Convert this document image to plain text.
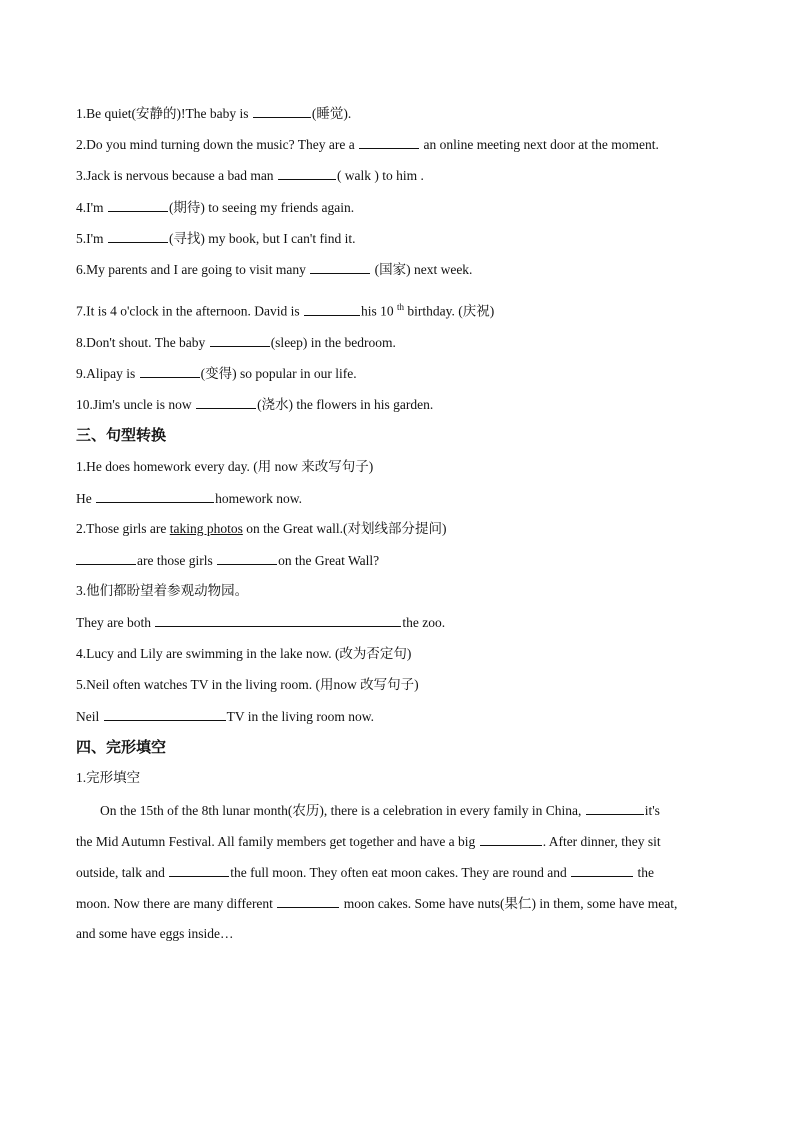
1.Be quiet(安静的)!The baby is	(睡觉).
2.Do you mind turning down the music? They are a	an online meeting next door at the moment.
3.Jack is nervous because a bad man	( walk ) to him .
4.I'm	(期待) to seeing my friends again.
5.I'm	(寻找) my book, but I can't find it.
6.My parents and I are going to visit many	(国家) next week.
7.It is 4 o'clock in the afternoon. David is	his 10 $^{th}$ birthday. (庆祝)
8.Don't shout. The baby	(sleep) in the bedroom.
9.Alipay is	(变得) so popular in our life.
10.Jim's uncle is now	(浇水) the flowers in his garden.
三、句型转换
1.He does homework every day. (用 now 来改写句子)
He	homework now.
2.Those girls are taking photos on the Great wall.(对划线部分提问)
are those girls	on the Great Wall?
3.他们都盼望着参观动物园。
They are both	the zoo.
4.Lucy and Lily are swimming in the lake now. (改为否定句)
5.Neil often watches TV in the living room. (用now 改写句子)
Neil	TV in the living room now.
四、完形填空
1.完形填空
On the 15th of the 8th lunar month(农历), there is a celebration in every family in China,	it's
the Mid Autumn Festival. All family members get together and have a big	. After dinner, they sit
outside, talk and	the full moon. They often eat moon cakes. They are round and	the
moon. Now there are many different	moon cakes. Some have nuts(果仁) in them, some have meat,
and some have eggs inside…
